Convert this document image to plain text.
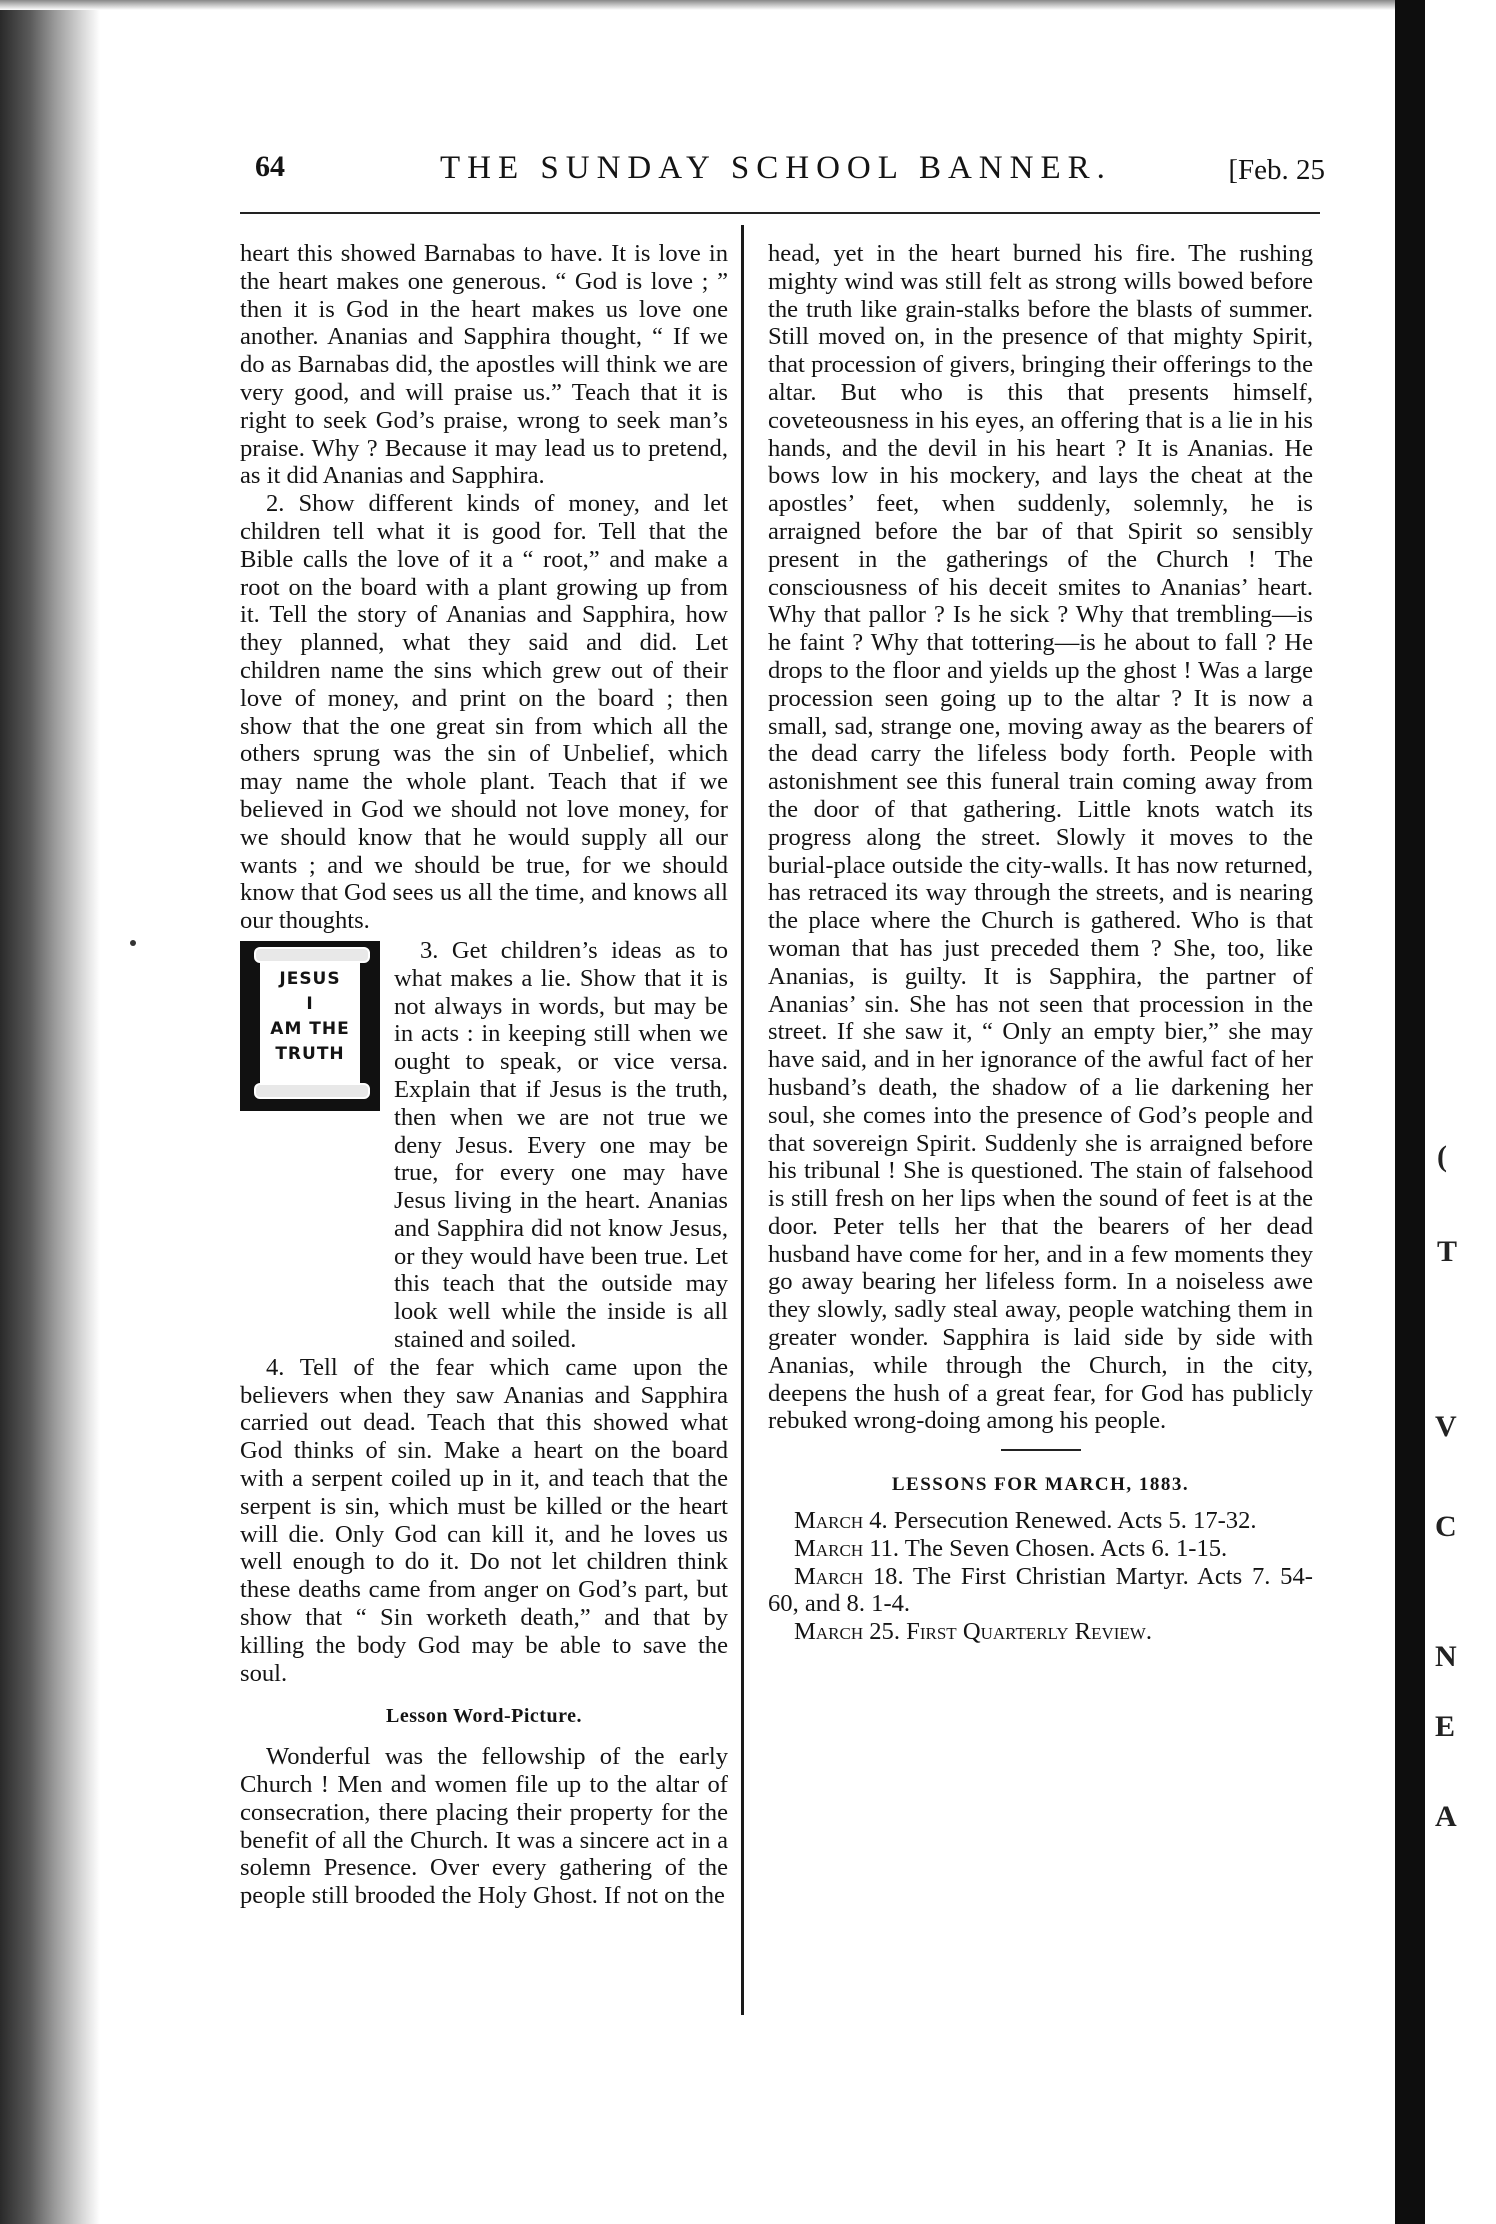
(
T
V
C
N
E
A
64	THE SUNDAY SCHOOL BANNER.	[Feb. 25

heart this showed Barnabas to have. It is love in the heart makes one generous. “ God is love ; ” then it is God in the heart makes us love one another. Ananias and Sapphira thought, “ If we do as Barnabas did, the apostles will think we are very good, and will praise us.” Teach that it is right to seek God’s praise, wrong to seek man’s praise. Why ? Because it may lead us to pretend, as it did Ananias and Sapphira.

2. Show different kinds of money, and let children tell what it is good for. Tell that the Bible calls the love of it a “ root,” and make a root on the board with a plant growing up from it. Tell the story of Ananias and Sapphira, how they planned, what they said and did. Let children name the sins which grew out of their love of money, and print on the board ; then show that the one great sin from which all the others sprung was the sin of Unbelief, which may name the whole plant. Teach that if we believed in God we should not love money, for we should know that he would supply all our wants ; and we should be true, for we should know that God sees us all the time, and knows all our thoughts.

JESUS
I
AM THE
TRUTH

3. Get children’s ideas as to what makes a lie. Show that it is not always in words, but may be in acts : in keeping still when we ought to speak, or vice versa. Explain that if Jesus is the truth, then when we are not true we deny Jesus. Every one may be true, for every one may have Jesus living in the heart. Ananias and Sapphira did not know Jesus, or they would have been true. Let this teach that the outside may look well while the inside is all stained and soiled.

4. Tell of the fear which came upon the believers when they saw Ananias and Sapphira carried out dead. Teach that this showed what God thinks of sin. Make a heart on the board with a serpent coiled up in it, and teach that the serpent is sin, which must be killed or the heart will die. Only God can kill it, and he loves us well enough to do it. Do not let children think these deaths came from anger on God’s part, but show that “ Sin worketh death,” and that by killing the body God may be able to save the soul.

Lesson Word-Picture.

Wonderful was the fellowship of the early Church ! Men and women file up to the altar of consecration, there placing their property for the benefit of all the Church. It was a sincere act in a solemn Presence. Over every gathering of the people still brooded the Holy Ghost. If not on the

head, yet in the heart burned his fire. The rushing mighty wind was still felt as strong wills bowed before the truth like grain-stalks before the blasts of summer. Still moved on, in the presence of that mighty Spirit, that procession of givers, bringing their offerings to the altar. But who is this that presents himself, coveteousness in his eyes, an offering that is a lie in his hands, and the devil in his heart ? It is Ananias. He bows low in his mockery, and lays the cheat at the apostles’ feet, when suddenly, solemnly, he is arraigned before the bar of that Spirit so sensibly present in the gatherings of the Church ! The consciousness of his deceit smites to Ananias’ heart. Why that pallor ? Is he sick ? Why that trembling—is he faint ? Why that tottering—is he about to fall ? He drops to the floor and yields up the ghost ! Was a large procession seen going up to the altar ? It is now a small, sad, strange one, moving away as the bearers of the dead carry the lifeless body forth. People with astonishment see this funeral train coming away from the door of that gathering. Little knots watch its progress along the street. Slowly it moves to the burial-place outside the city-walls. It has now returned, has retraced its way through the streets, and is nearing the place where the Church is gathered. Who is that woman that has just preceded them ? She, too, like Ananias, is guilty. It is Sapphira, the partner of Ananias’ sin. She has not seen that procession in the street. If she saw it, “ Only an empty bier,” she may have said, and in her ignorance of the awful fact of her husband’s death, the shadow of a lie darkening her soul, she comes into the presence of God’s people and that sovereign Spirit. Suddenly she is arraigned before his tribunal ! She is questioned. The stain of falsehood is still fresh on her lips when the sound of feet is at the door. Peter tells her that the bearers of her dead husband have come for her, and in a few moments they go away bearing her lifeless form. In a noiseless awe they slowly, sadly steal away, people watching them in greater wonder. Sapphira is laid side by side with Ananias, while through the Church, in the city, deepens the hush of a great fear, for God has publicly rebuked wrong-doing among his people.

LESSONS FOR MARCH, 1883.

March 4. Persecution Renewed. Acts 5. 17-32.

March 11. The Seven Chosen. Acts 6. 1-15.

March 18. The First Christian Martyr. Acts 7. 54-60, and 8. 1-4.

March 25. First Quarterly Review.
